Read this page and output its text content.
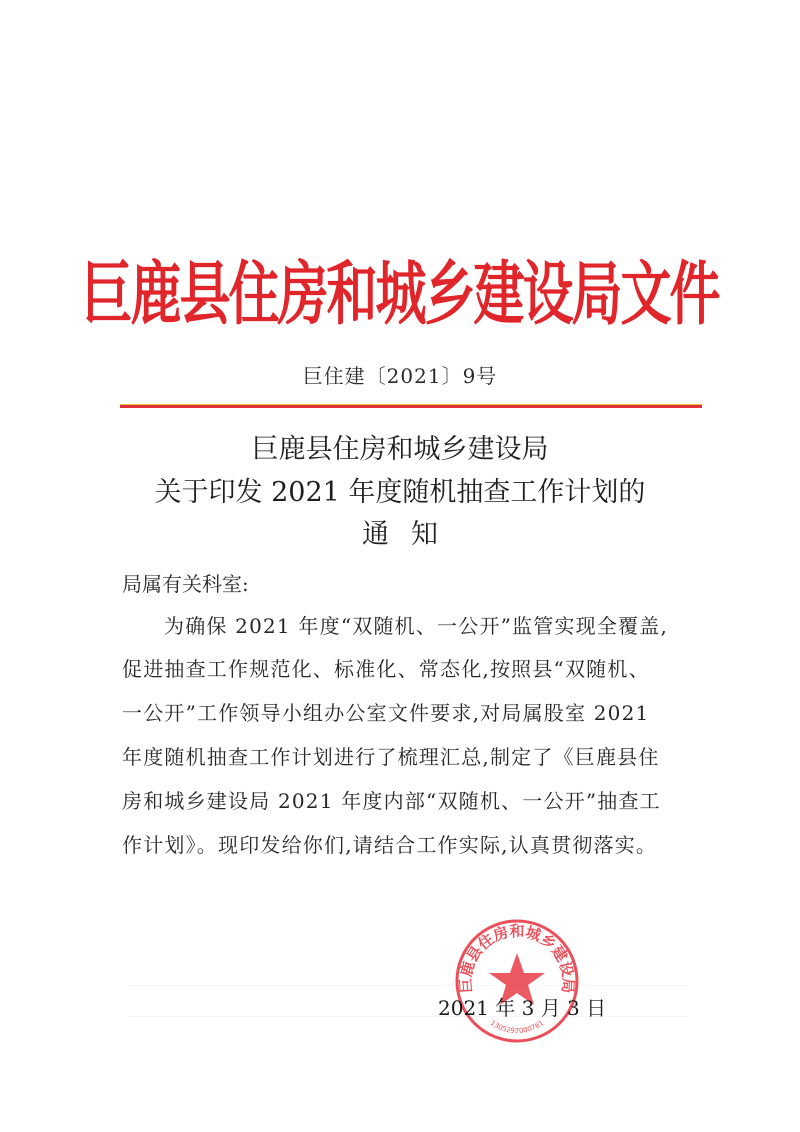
巨鹿县住房和城乡建设局文件
巨住建〔2021〕9号
巨鹿县住房和城乡建设局
关于印发 2021 年度随机抽查工作计划的
通知
局属有关科室:
为确保 2021 年度“双随机、一公开”监管实现全覆盖,
促进抽查工作规范化、标准化、常态化,按照县“双随机、
一公开”工作领导小组办公室文件要求,对局属股室 2021
年度随机抽查工作计划进行了梳理汇总,制定了《巨鹿县住
房和城乡建设局 2021 年度内部“双随机、一公开”抽查工
作计划》。现印发给你们,请结合工作实际,认真贯彻落实。
2021 年 3 月 3 日
巨鹿县住房和城乡建设局
1305297000761
